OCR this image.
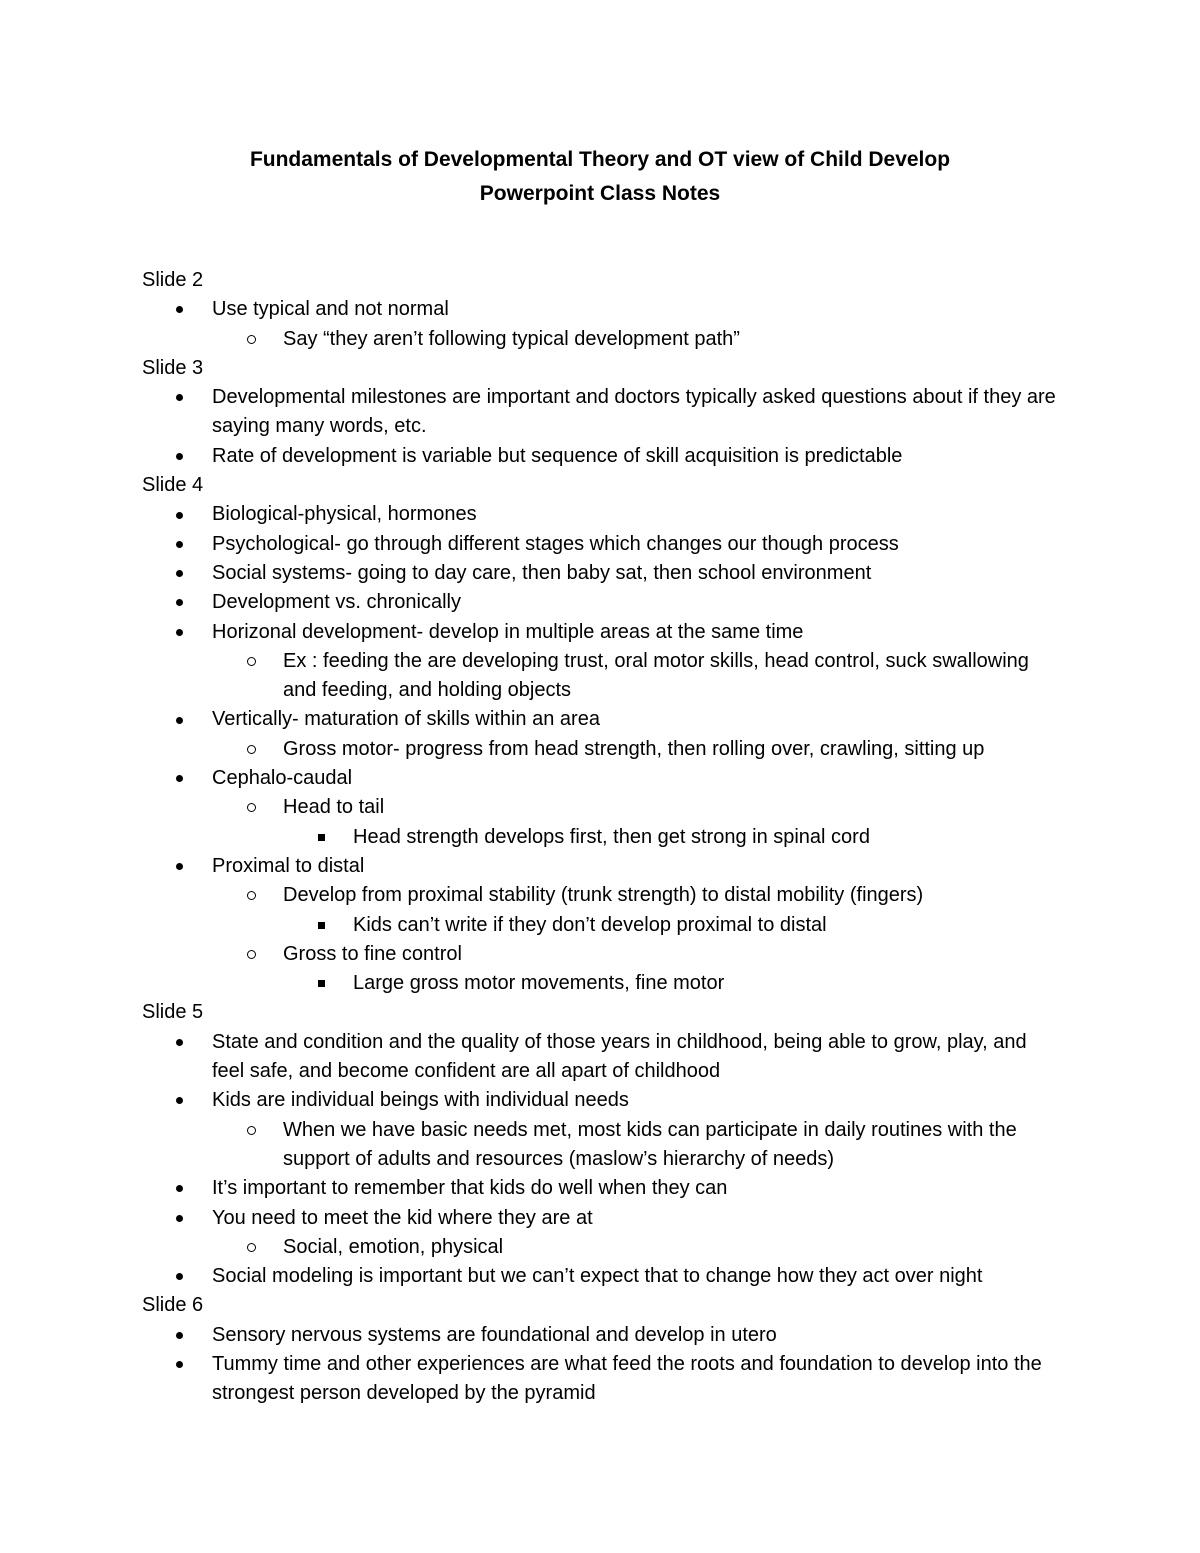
Fundamentals of Developmental Theory and OT view of Child Develop
Powerpoint Class Notes
Slide 2
Use typical and not normal
Say “they aren’t following typical development path”
Slide 3
Developmental milestones are important and doctors typically asked questions about if they are saying many words, etc.
Rate of development is variable but sequence of skill acquisition is predictable
Slide 4
Biological-physical, hormones
Psychological- go through different stages which changes our though process
Social systems- going to day care, then baby sat, then school environment
Development vs. chronically
Horizonal development- develop in multiple areas at the same time
Ex : feeding the are developing trust, oral motor skills, head control, suck swallowing and feeding, and holding objects
Vertically- maturation of skills within an area
Gross motor- progress from head strength, then rolling over, crawling, sitting up
Cephalo-caudal
Head to tail
Head strength develops first, then get strong in spinal cord
Proximal to distal
Develop from proximal stability (trunk strength) to distal mobility (fingers)
Kids can’t write if they don’t develop proximal to distal
Gross to fine control
Large gross motor movements, fine motor
Slide 5
State and condition and the quality of those years in childhood, being able to grow, play, and feel safe, and become confident are all apart of childhood
Kids are individual beings with individual needs
When we have basic needs met, most kids can participate in daily routines with the support of adults and resources (maslow’s hierarchy of needs)
It’s important to remember that kids do well when they can
You need to meet the kid where they are at
Social, emotion, physical
Social modeling is important but we can’t expect that to change how they act over night
Slide 6
Sensory nervous systems are foundational and develop in utero
Tummy time and other experiences are what feed the roots and foundation to develop into the strongest person developed by the pyramid
